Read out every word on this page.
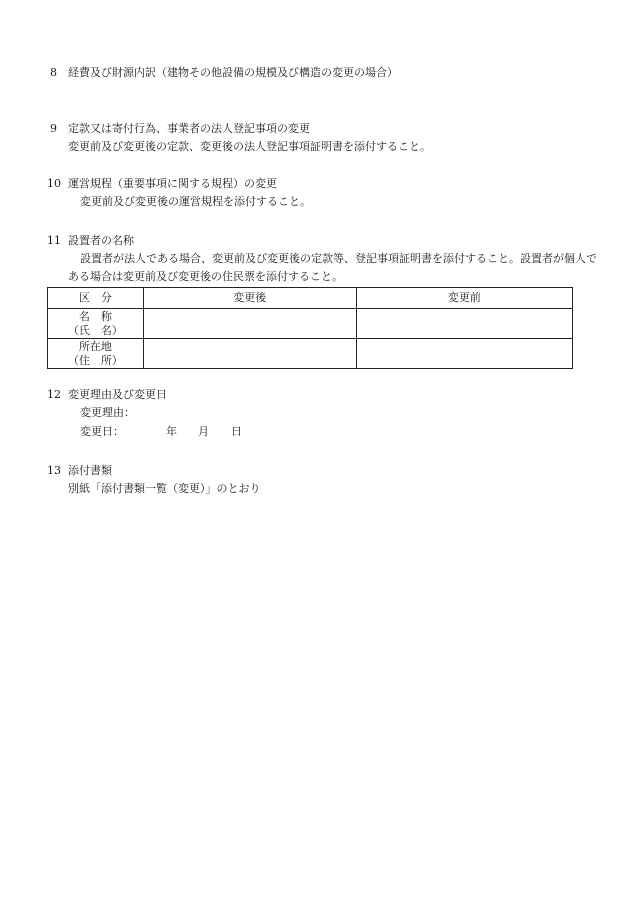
8 経費及び財源内訳（建物その他設備の規模及び構造の変更の場合）
9 定款又は寄付行為、事業者の法人登記事項の変更
変更前及び変更後の定款、変更後の法人登記事項証明書を添付すること。
10 運営規程（重要事項に関する規程）の変更
変更前及び変更後の運営規程を添付すること。
11 設置者の名称
設置者が法人である場合、変更前及び変更後の定款等、登記事項証明書を添付すること。設置者が個人で
ある場合は変更前及び変更後の住民票を添付すること。
区　分	変更後	変更前

名　称
（氏　名）		

所在地
（住　所）		

12 変更理由及び変更日
変更理由：
変更日：	年 月 日
13 添付書類
別紙「添付書類一覧（変更）」のとおり
